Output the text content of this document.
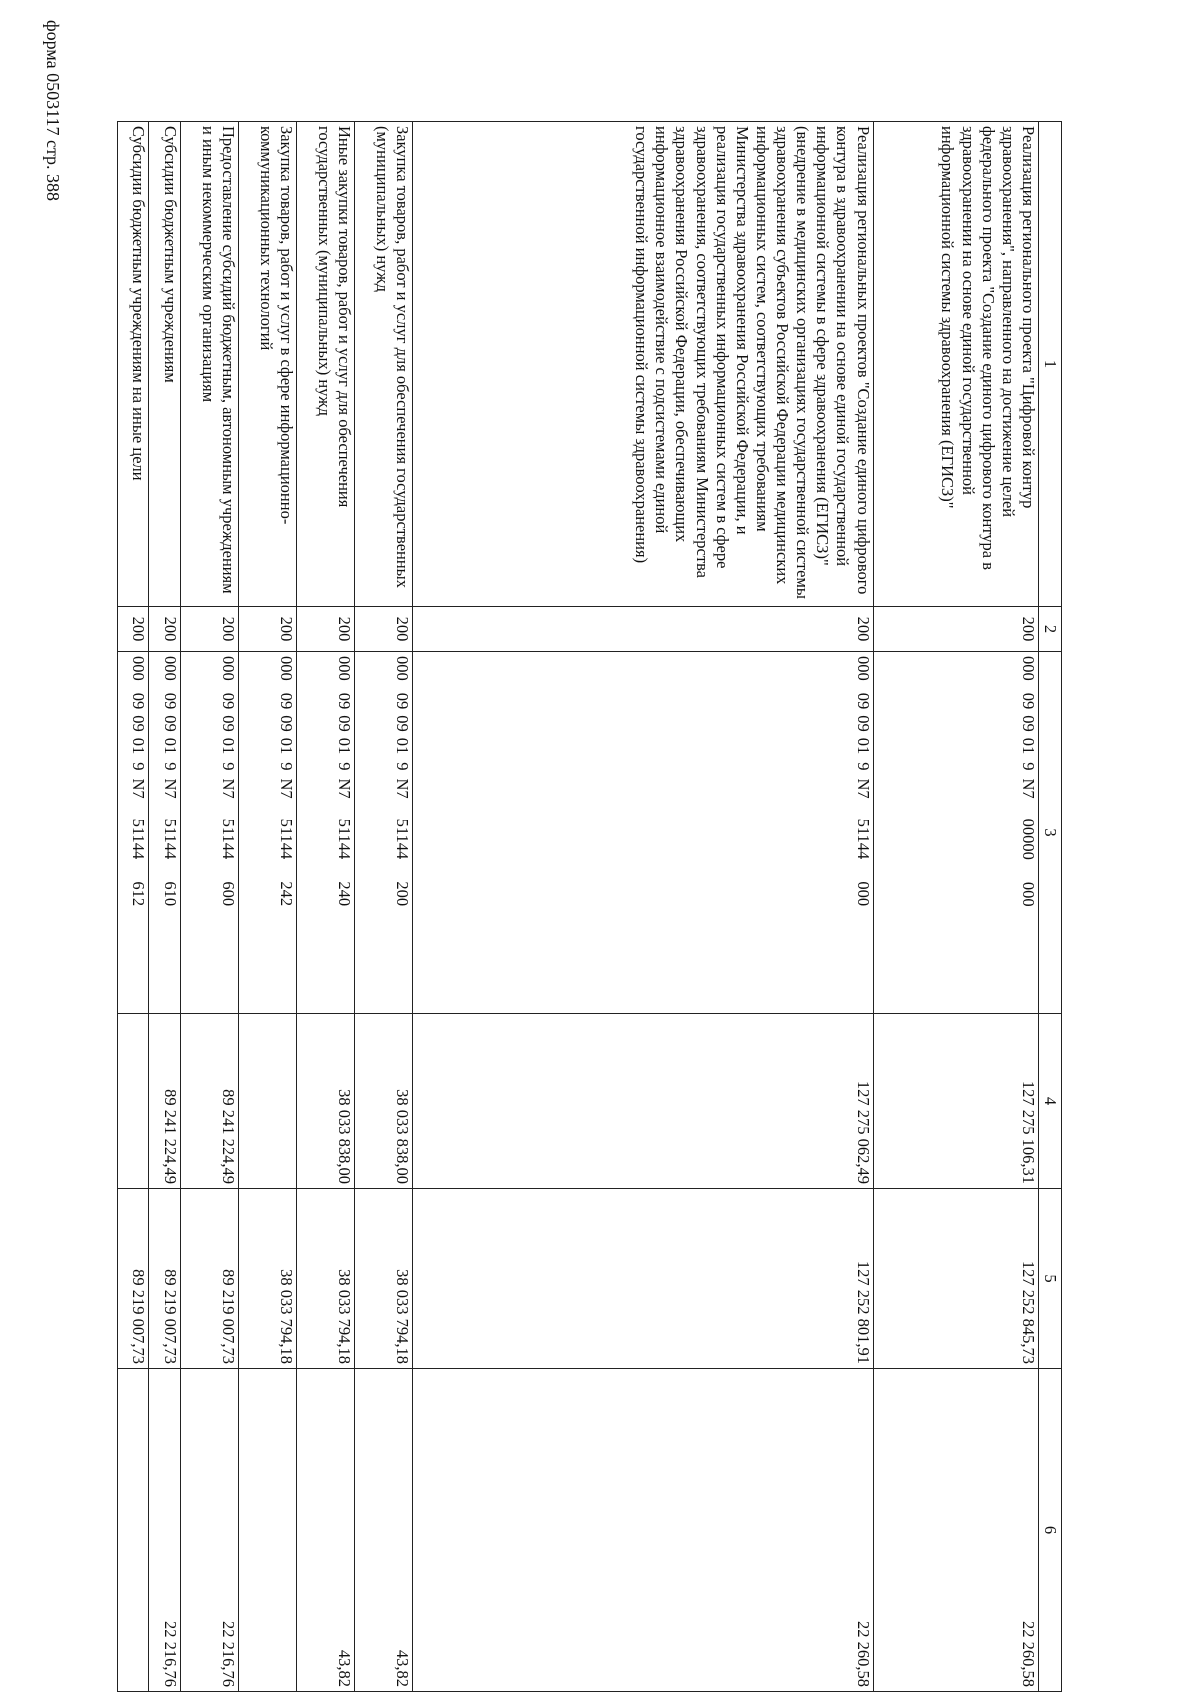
форма 0503117 стр. 388
1	2	3	4	5	6
Реализация регионального проекта "Цифровой контур здравоохранения", направленного на достижение целей федерального проекта "Создание единого цифрового контура в здравоохранении на основе единой государственной информационной системы здравоохранения (ЕГИСЗ)"	200	0000909019N700000000	127 275 106,31	127 252 845,73	22 260,58
Реализация региональных проектов "Создание единого цифрового контура в здравоохранении на основе единой государственной информационной системы в сфере здравоохранения (ЕГИСЗ)" (внедрение в медицинских организациях государственной системы здравоохранения субъектов Российской Федерации медицинских информационных систем, соответствующих требованиям Министерства здравоохранения Российской Федерации, и реализация государственных информационных систем в сфере здравоохранения, соответствующих требованиям Министерства здравоохранения Российской Федерации, обеспечивающих информационное взаимодействие с подсистемами единой государственной информационной системы здравоохранения)	200	0000909019N751144000	127 275 062,49	127 252 801,91	22 260,58
Закупка товаров, работ и услуг для обеспечения государственных (муниципальных) нужд	200	0000909019N751144200	38 033 838,00	38 033 794,18	43,82
Иные закупки товаров, работ и услуг для обеспечения государственных (муниципальных) нужд	200	0000909019N751144240	38 033 838,00	38 033 794,18	43,82
Закупка товаров, работ и услуг в сфере информационно-коммуникационных технологий	200	0000909019N751144242		38 033 794,18	
Предоставление субсидий бюджетным, автономным учреждениям и иным некоммерческим организациям	200	0000909019N751144600	89 241 224,49	89 219 007,73	22 216,76
Субсидии бюджетным учреждениям	200	0000909019N751144610	89 241 224,49	89 219 007,73	22 216,76
Субсидии бюджетным учреждениям на иные цели	200	0000909019N751144612		89 219 007,73	
